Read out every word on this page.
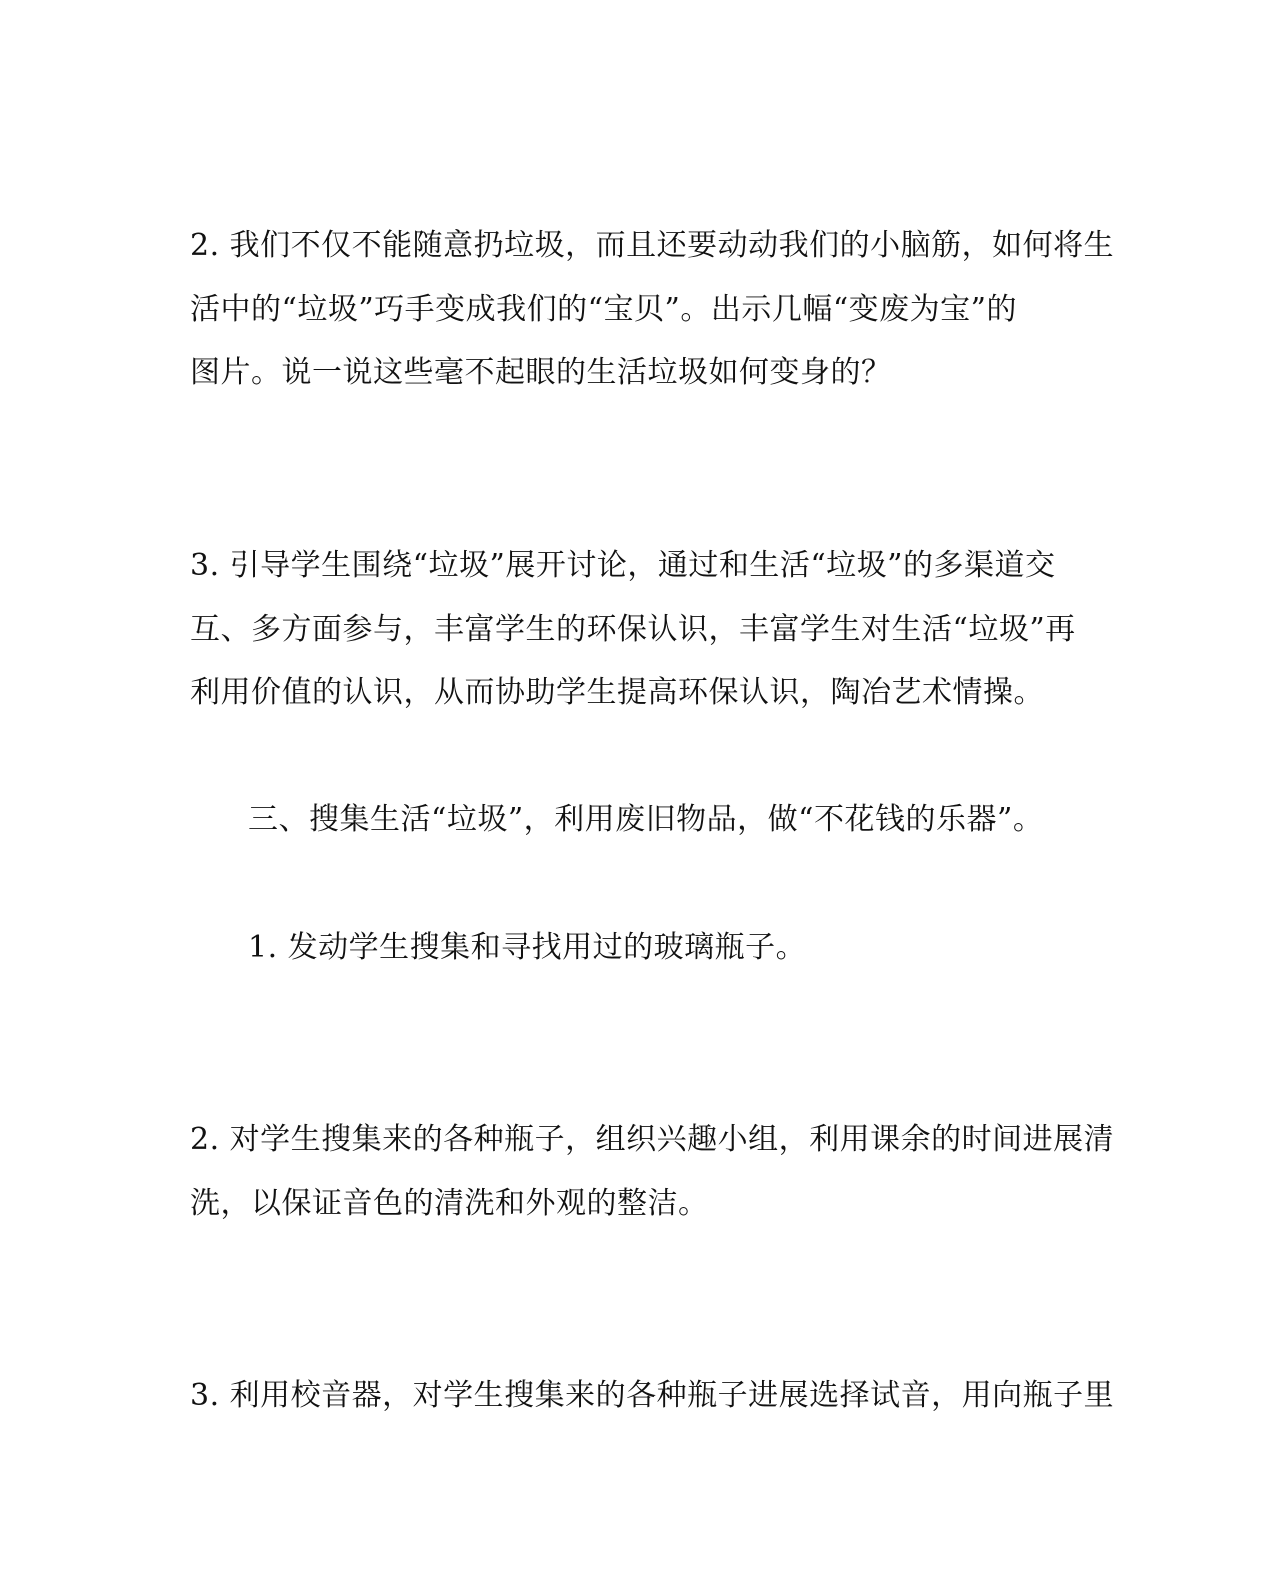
2. 我们不仅不能随意扔垃圾，而且还要动动我们的小脑筋，如何将生
活中的“垃圾”巧手变成我们的“宝贝”。出示几幅“变废为宝”的
图片。说一说这些毫不起眼的生活垃圾如何变身的？
3. 引导学生围绕“垃圾”展开讨论，通过和生活“垃圾”的多渠道交
互、多方面参与，丰富学生的环保认识，丰富学生对生活“垃圾”再
利用价值的认识，从而协助学生提高环保认识，陶冶艺术情操。
三、搜集生活“垃圾”，利用废旧物品，做“不花钱的乐器”。
1. 发动学生搜集和寻找用过的玻璃瓶子。
2. 对学生搜集来的各种瓶子，组织兴趣小组，利用课余的时间进展清
洗，以保证音色的清洗和外观的整洁。
3. 利用校音器，对学生搜集来的各种瓶子进展选择试音，用向瓶子里
